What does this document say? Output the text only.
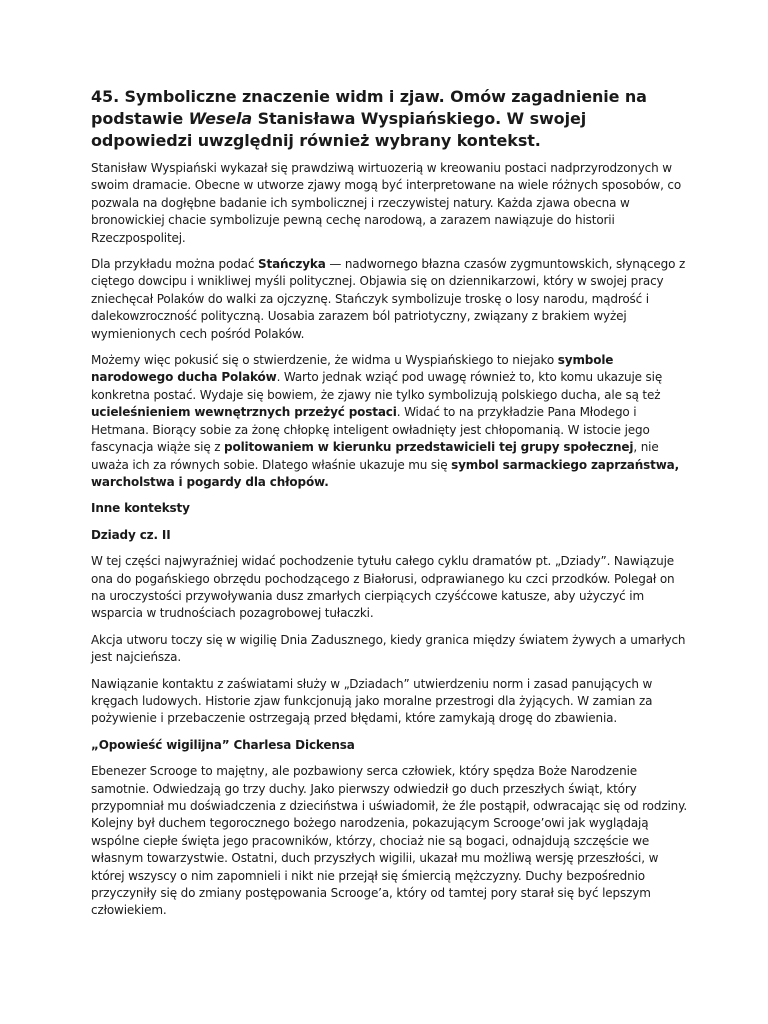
45. Symboliczne znaczenie widm i zjaw. Omów zagadnienie na podstawie Wesela Stanisława Wyspiańskiego. W swojej odpowiedzi uwzględnij również wybrany kontekst.

Stanisław Wyspiański wykazał się prawdziwą wirtuozerią w kreowaniu postaci nadprzyrodzonych w swoim dramacie. Obecne w utworze zjawy mogą być interpretowane na wiele różnych sposobów, co pozwala na dogłębne badanie ich symbolicznej i rzeczywistej natury. Każda zjawa obecna w bronowickiej chacie symbolizuje pewną cechę narodową, a zarazem nawiązuje do historii Rzeczpospolitej.

Dla przykładu można podać Stańczyka — nadwornego błazna czasów zygmuntowskich, słynącego z ciętego dowcipu i wnikliwej myśli politycznej. Objawia się on dziennikarzowi, który w swojej pracy zniechęcał Polaków do walki za ojczyznę. Stańczyk symbolizuje troskę o losy narodu, mądrość i dalekowzroczność polityczną. Uosabia zarazem ból patriotyczny, związany z brakiem wyżej wymienionych cech pośród Polaków.

Możemy więc pokusić się o stwierdzenie, że widma u Wyspiańskiego to niejako symbole narodowego ducha Polaków. Warto jednak wziąć pod uwagę również to, kto komu ukazuje się konkretna postać. Wydaje się bowiem, że zjawy nie tylko symbolizują polskiego ducha, ale są też ucieleśnieniem wewnętrznych przeżyć postaci. Widać to na przykładzie Pana Młodego i Hetmana. Biorący sobie za żonę chłopkę inteligent owładnięty jest chłopomanią. W istocie jego fascynacja wiąże się z politowaniem w kierunku przedstawicieli tej grupy społecznej, nie uważa ich za równych sobie. Dlatego właśnie ukazuje mu się symbol sarmackiego zaprzaństwa, warcholstwa i pogardy dla chłopów.

Inne konteksty

Dziady cz. II

W tej części najwyraźniej widać pochodzenie tytułu całego cyklu dramatów pt. „Dziady”. Nawiązuje ona do pogańskiego obrzędu pochodzącego z Białorusi, odprawianego ku czci przodków. Polegał on na uroczystości przywoływania dusz zmarłych cierpiących czyśćcowe katusze, aby użyczyć im wsparcia w trudnościach pozagrobowej tułaczki.

Akcja utworu toczy się w wigilię Dnia Zadusznego, kiedy granica między światem żywych a umarłych jest najcieńsza.

Nawiązanie kontaktu z zaświatami służy w „Dziadach” utwierdzeniu norm i zasad panujących w kręgach ludowych. Historie zjaw funkcjonują jako moralne przestrogi dla żyjących. W zamian za pożywienie i przebaczenie ostrzegają przed błędami, które zamykają drogę do zbawienia.

„Opowieść wigilijna” Charlesa Dickensa

Ebenezer Scrooge to majętny, ale pozbawiony serca człowiek, który spędza Boże Narodzenie samotnie. Odwiedzają go trzy duchy. Jako pierwszy odwiedził go duch przeszłych świąt, który przypomniał mu doświadczenia z dzieciństwa i uświadomił, że źle postąpił, odwracając się od rodziny. Kolejny był duchem tegorocznego bożego narodzenia, pokazującym Scrooge’owi jak wyglądają wspólne ciepłe święta jego pracowników, którzy, chociaż nie są bogaci, odnajdują szczęście we własnym towarzystwie. Ostatni, duch przyszłych wigilii, ukazał mu możliwą wersję przeszłości, w której wszyscy o nim zapomnieli i nikt nie przejął się śmiercią mężczyzny. Duchy bezpośrednio przyczyniły się do zmiany postępowania Scrooge’a, który od tamtej pory starał się być lepszym człowiekiem.
